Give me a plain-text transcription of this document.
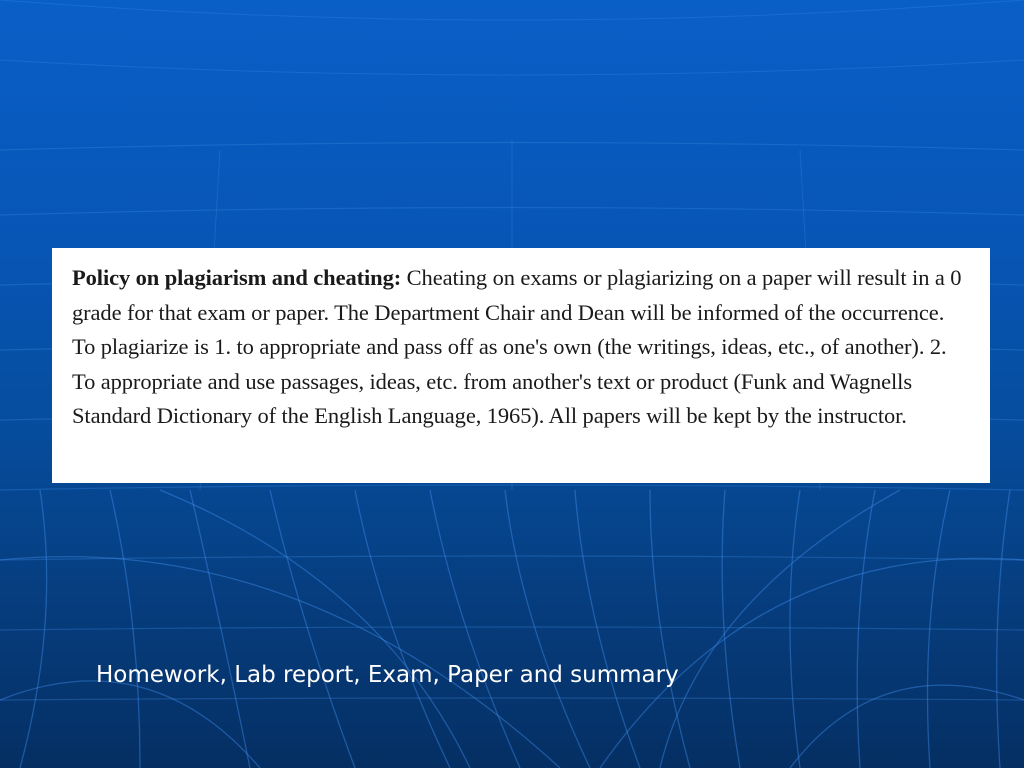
Policy on plagiarism and cheating: Cheating on exams or plagiarizing on a paper will result in a 0 grade for that exam or paper. The Department Chair and Dean will be informed of the occurrence. To plagiarize is 1. to appropriate and pass off as one's own (the writings, ideas, etc., of another). 2. To appropriate and use passages, ideas, etc. from another's text or product (Funk and Wagnells Standard Dictionary of the English Language, 1965). All papers will be kept by the instructor.

Homework, Lab report, Exam, Paper and summary
